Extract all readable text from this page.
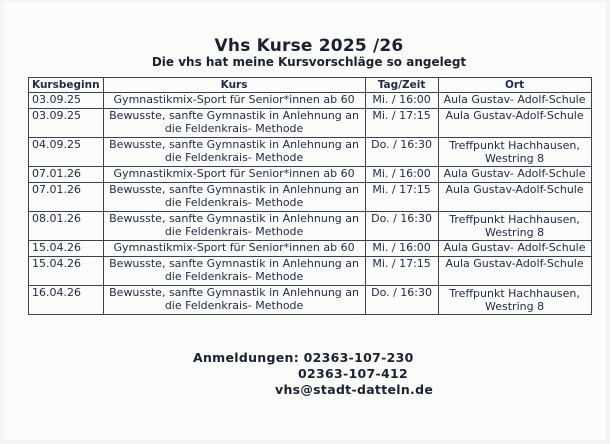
Vhs Kurse 2025 /26
Die vhs hat meine Kursvorschläge so angelegt
Kursbeginn	Kurs	Tag/Zeit	Ort
03.09.25	Gymnastikmix-Sport für Senior*innen ab 60	Mi. / 16:00	Aula Gustav- Adolf-Schule
03.09.25	Bewusste, sanfte Gymnastik in Anlehnung an die Feldenkrais- Methode	Mi. / 17:15	Aula Gustav-Adolf-Schule
04.09.25	Bewusste, sanfte Gymnastik in Anlehnung an die Feldenkrais- Methode	Do. / 16:30	Treffpunkt Hachhausen, Westring 8
07.01.26	Gymnastikmix-Sport für Senior*innen ab 60	Mi. / 16:00	Aula Gustav- Adolf-Schule
07.01.26	Bewusste, sanfte Gymnastik in Anlehnung an die Feldenkrais- Methode	Mi. / 17:15	Aula Gustav-Adolf-Schule
08.01.26	Bewusste, sanfte Gymnastik in Anlehnung an die Feldenkrais- Methode	Do. / 16:30	Treffpunkt Hachhausen, Westring 8
15.04.26	Gymnastikmix-Sport für Senior*innen ab 60	Mi. / 16:00	Aula Gustav- Adolf-Schule
15.04.26	Bewusste, sanfte Gymnastik in Anlehnung an die Feldenkrais- Methode	Mi. / 17:15	Aula Gustav-Adolf-Schule
16.04.26	Bewusste, sanfte Gymnastik in Anlehnung an die Feldenkrais- Methode	Do. / 16:30	Treffpunkt Hachhausen, Westring 8
Anmeldungen: 02363-107-230
02363-107-412
vhs@stadt-datteln.de
